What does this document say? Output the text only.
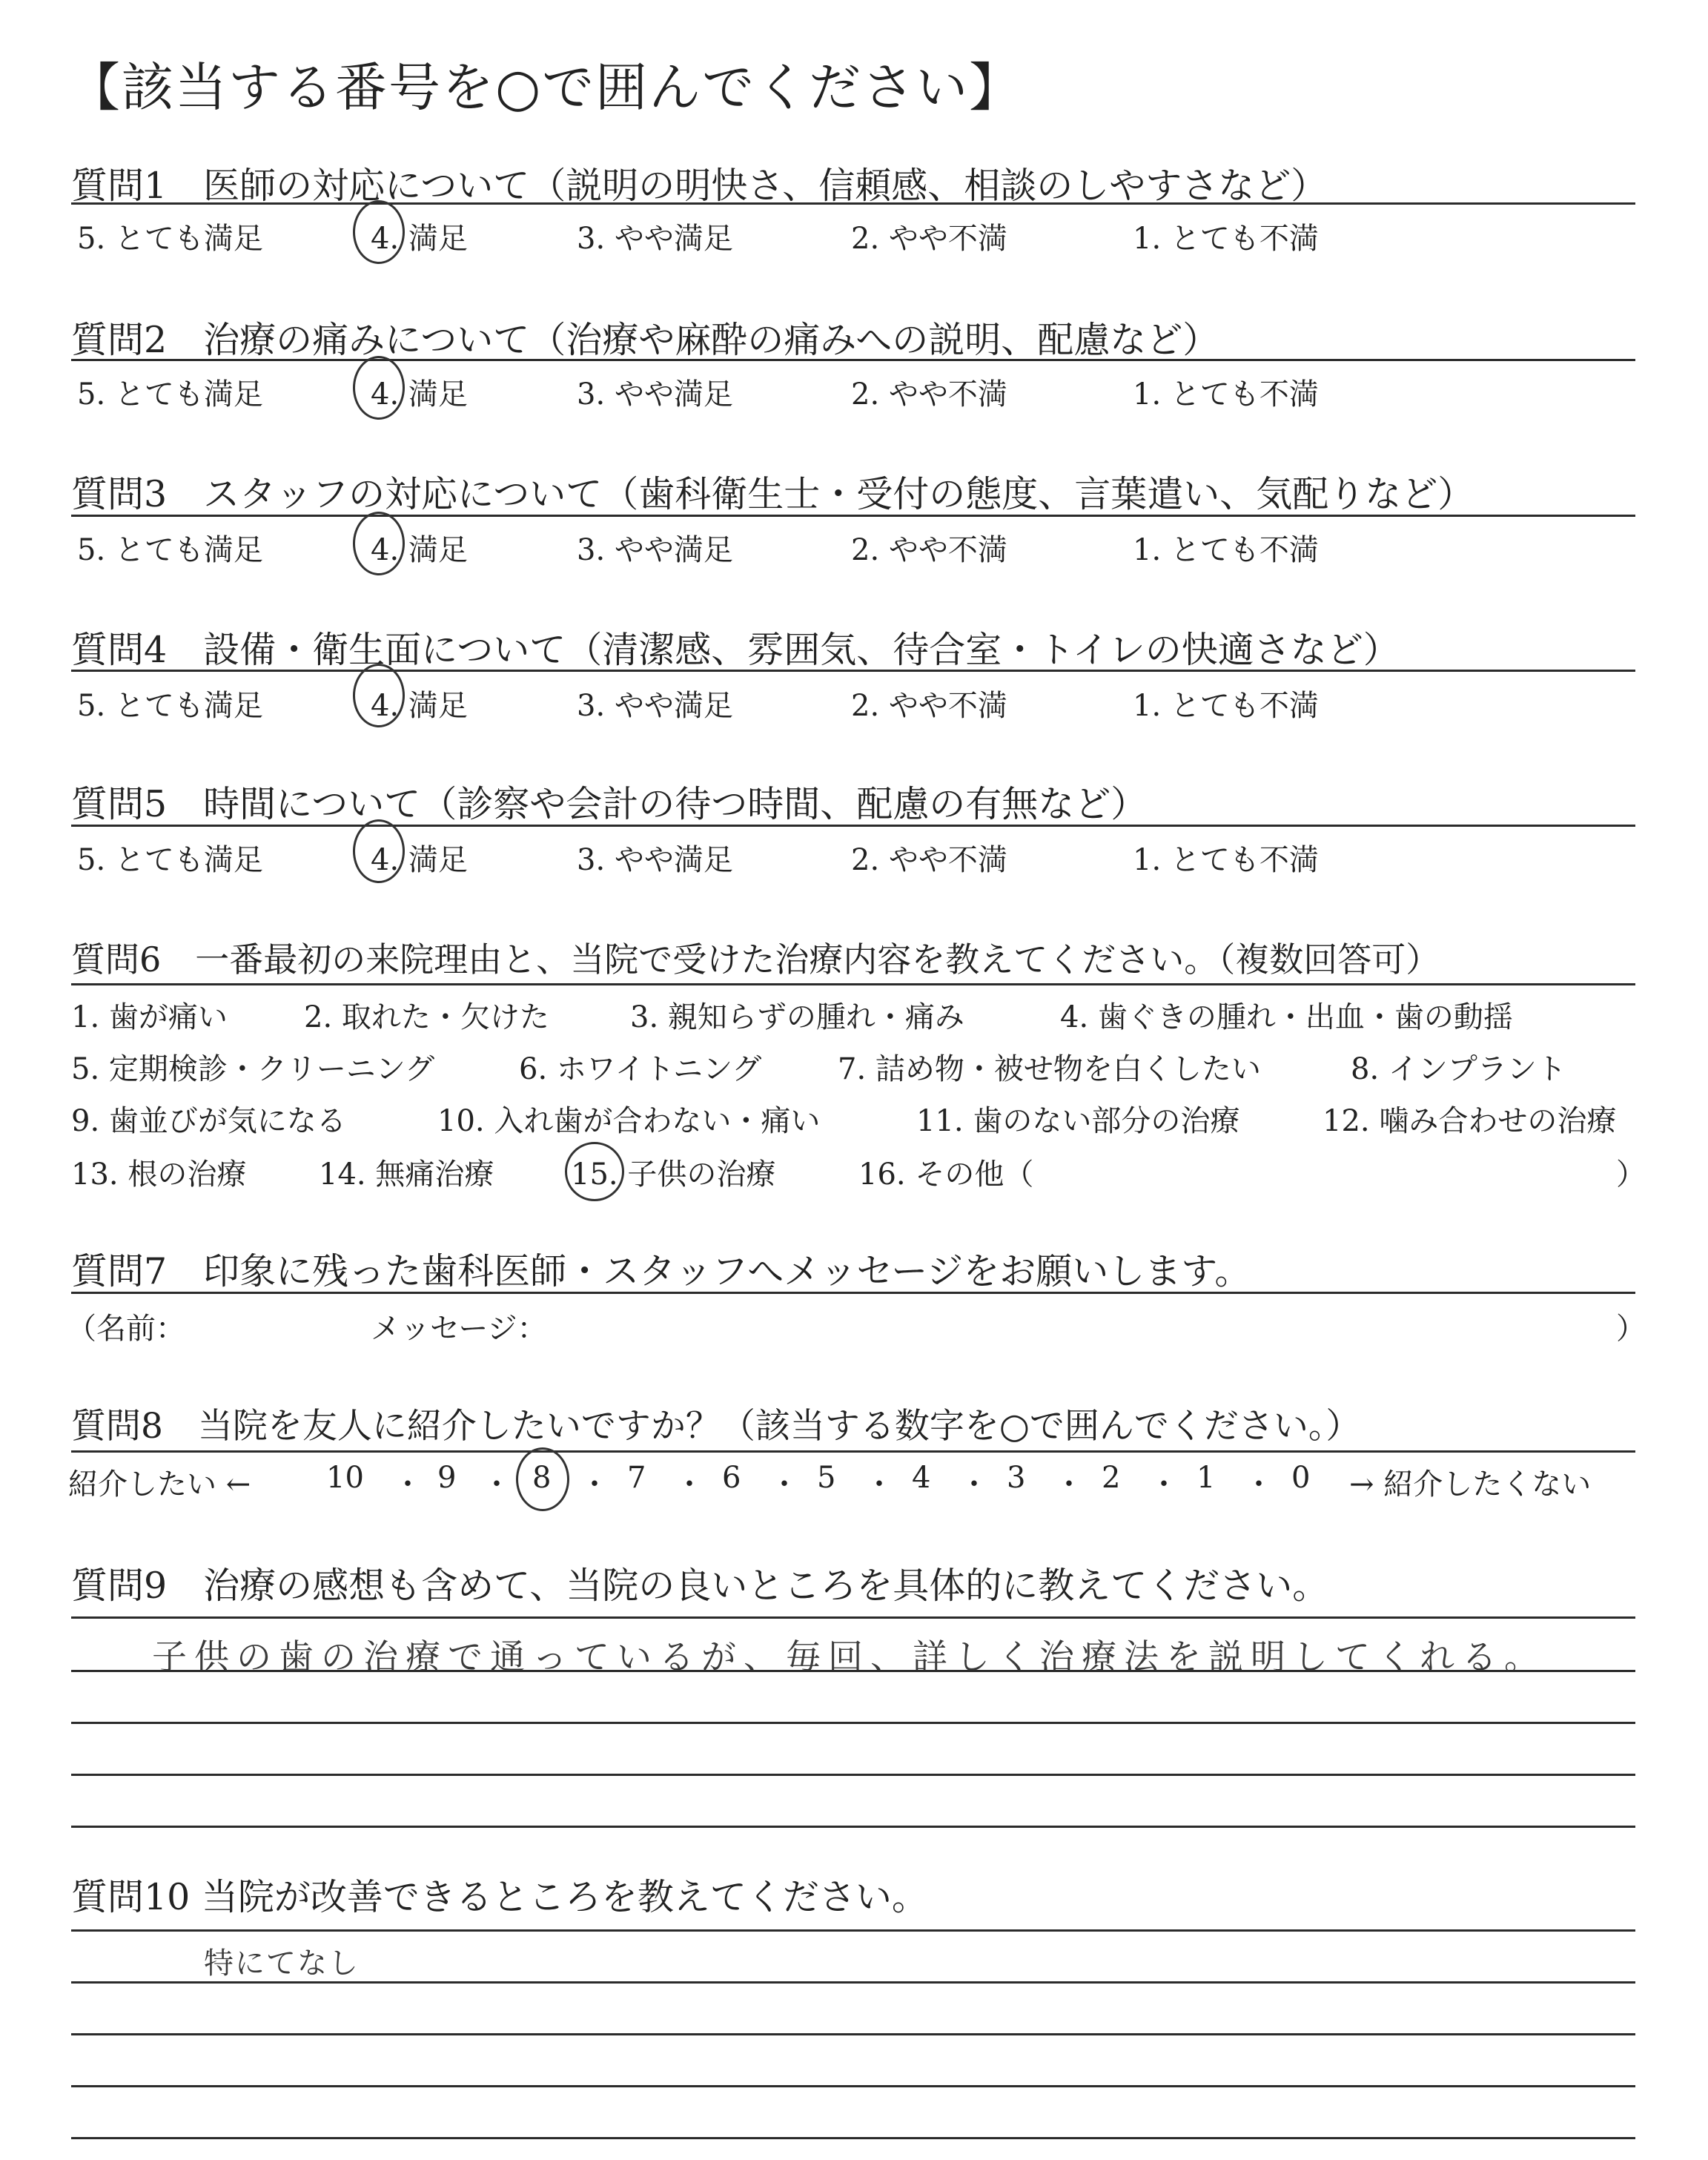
【該当する番号を○で囲んでください】
質問1　医師の対応について（説明の明快さ、信頼感、相談のしやすさなど）
5. とても満足	4. 満足	3. やや満足	2. やや不満	1. とても不満
質問2　治療の痛みについて（治療や麻酔の痛みへの説明、配慮など）
5. とても満足	4. 満足	3. やや満足	2. やや不満	1. とても不満
質問3　スタッフの対応について（歯科衛生士・受付の態度、言葉遣い、気配りなど）
5. とても満足	4. 満足	3. やや満足	2. やや不満	1. とても不満
質問4　設備・衛生面について（清潔感、雰囲気、待合室・トイレの快適さなど）
5. とても満足	4. 満足	3. やや満足	2. やや不満	1. とても不満
質問5　時間について（診察や会計の待つ時間、配慮の有無など）
5. とても満足	4. 満足	3. やや満足	2. やや不満	1. とても不満
質問6　一番最初の来院理由と、当院で受けた治療内容を教えてください。（複数回答可）
1. 歯が痛い	2. 取れた・欠けた	3. 親知らずの腫れ・痛み	4. 歯ぐきの腫れ・出血・歯の動揺
5. 定期検診・クリーニング	6. ホワイトニング	7. 詰め物・被せ物を白くしたい	8. インプラント
9. 歯並びが気になる	10. 入れ歯が合わない・痛い	11. 歯のない部分の治療	12. 噛み合わせの治療
13. 根の治療 14. 無痛治療	15. 子供の治療	16. その他（	）
質問7　印象に残った歯科医師・スタッフへメッセージをお願いします。
（名前：	メッセージ：	）
質問8　当院を友人に紹介したいですか？（該当する数字を○で囲んでください。）
紹介したい ←	10 ・ 9 ・ 8 ・ 7 ・ 6 ・ 5 ・ 4 ・ 3 ・ 2 ・ 1 ・ 0 → 紹介したくない
質問9　治療の感想も含めて、当院の良いところを具体的に教えてください。
子供の歯の治療で通っているが、毎回、詳しく治療法を説明してくれる。
質問10 当院が改善できるところを教えてください。
特にてなし
